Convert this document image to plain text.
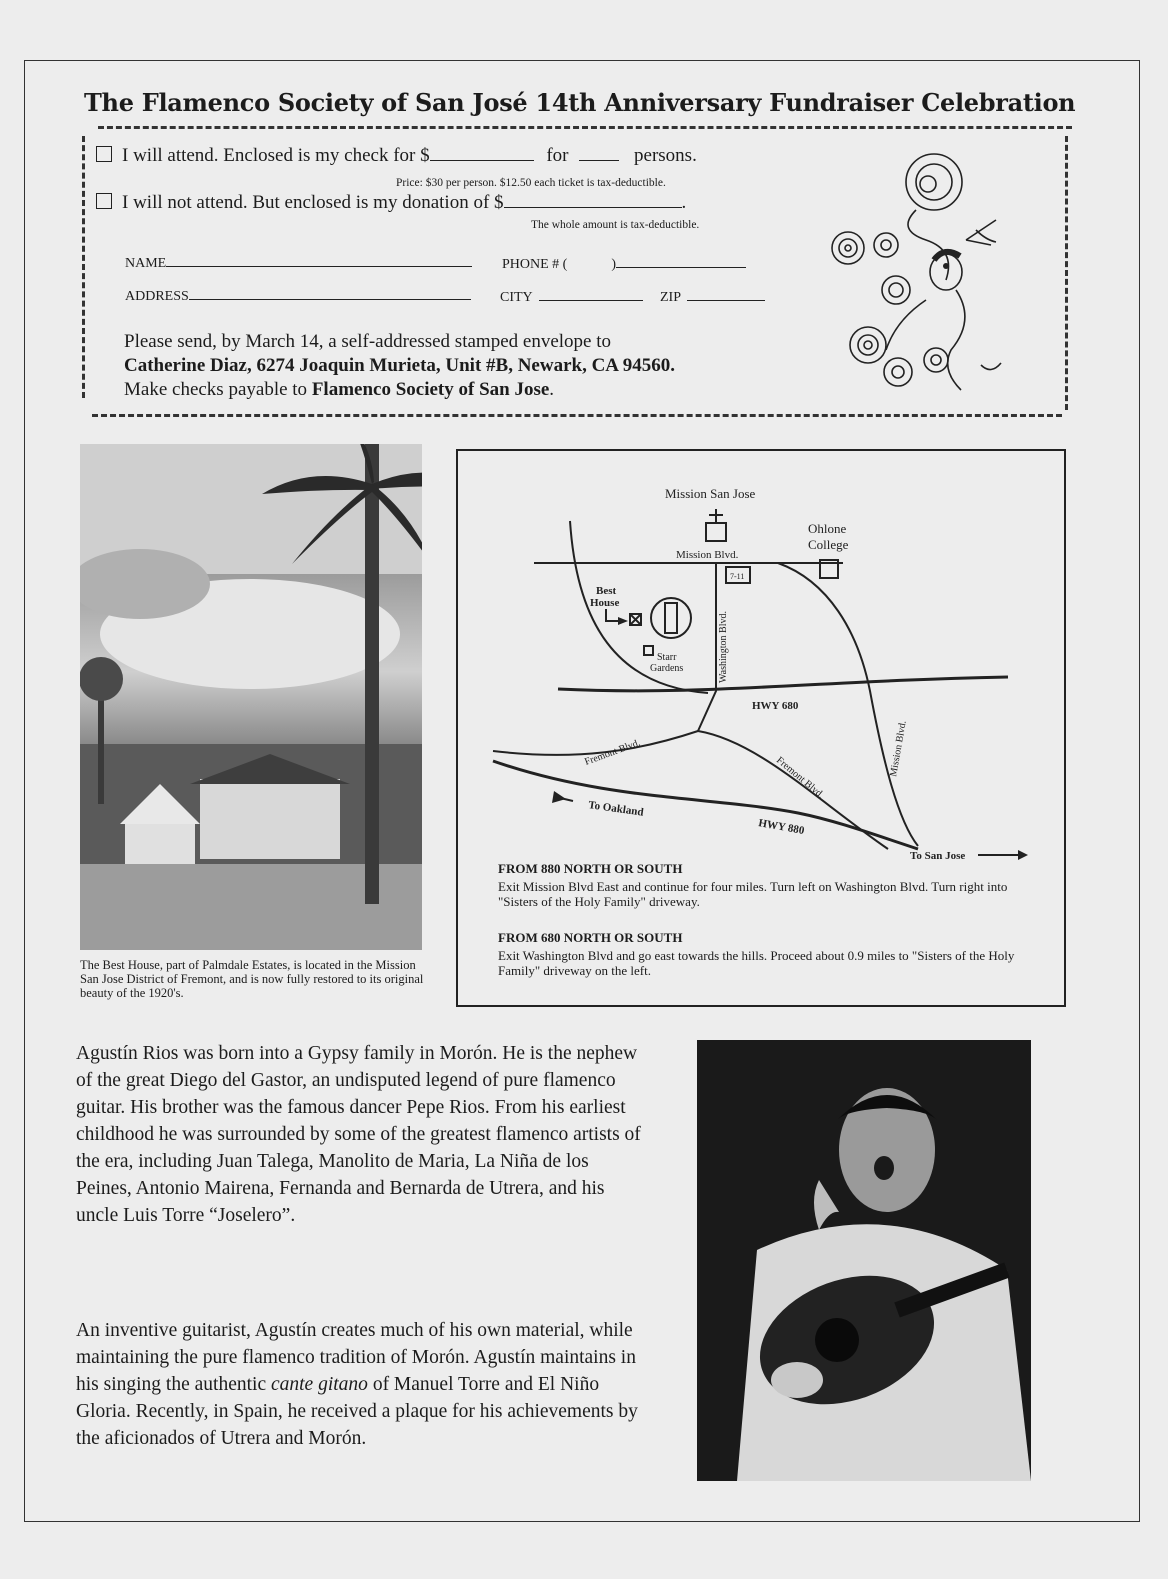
The Flamenco Society of San José 14th Anniversary Fundraiser Celebration
I will attend. Enclosed is my check for $	for	persons.
Price: $30 per person. $12.50 each ticket is tax-deductible.
I will not attend. But enclosed is my donation of $	.
The whole amount is tax-deductible.
NAME	PHONE # (	)
ADDRESS	CITY	ZIP
Please send, by March 14, a self-addressed stamped envelope to
Catherine Diaz, 6274 Joaquin Murieta, Unit #B, Newark, CA 94560.
Make checks payable to Flamenco Society of San Jose.
The Best House, part of Palmdale Estates, is located in the Mission San Jose District of Fremont, and is now fully restored to its original beauty of the 1920's.
Mission San Jose
Ohlone
College
Mission Blvd.
7-11
Best
House
Starr
Gardens	Washington Blvd.
HWY 680
Mission Blvd.
Fremont Blvd.
Fremont Blvd.
To Oakland
HWY 880
To San Jose
FROM 880 NORTH OR SOUTH
Exit Mission Blvd East and continue for four miles. Turn left on Washington Blvd. Turn right into "Sisters of the Holy Family" driveway.
FROM 680 NORTH OR SOUTH
Exit Washington Blvd and go east towards the hills. Proceed about 0.9 miles to "Sisters of the Holy Family" driveway on the left.
Agustín Rios was born into a Gypsy family in Morón. He is the nephew of the great Diego del Gastor, an undisputed legend of pure flamenco guitar. His brother was the famous dancer Pepe Rios. From his earliest childhood he was surrounded by some of the greatest flamenco artists of the era, including Juan Talega, Manolito de Maria, La Niña de los Peines, Antonio Mairena, Fernanda and Bernarda de Utrera, and his uncle Luis Torre “Joselero”.
An inventive guitarist, Agustín creates much of his own material, while maintaining the pure flamenco tradition of Morón. Agustín maintains in his singing the authentic cante gitano of Manuel Torre and El Niño Gloria. Recently, in Spain, he received a plaque for his achievements by the aficionados of Utrera and Morón.
